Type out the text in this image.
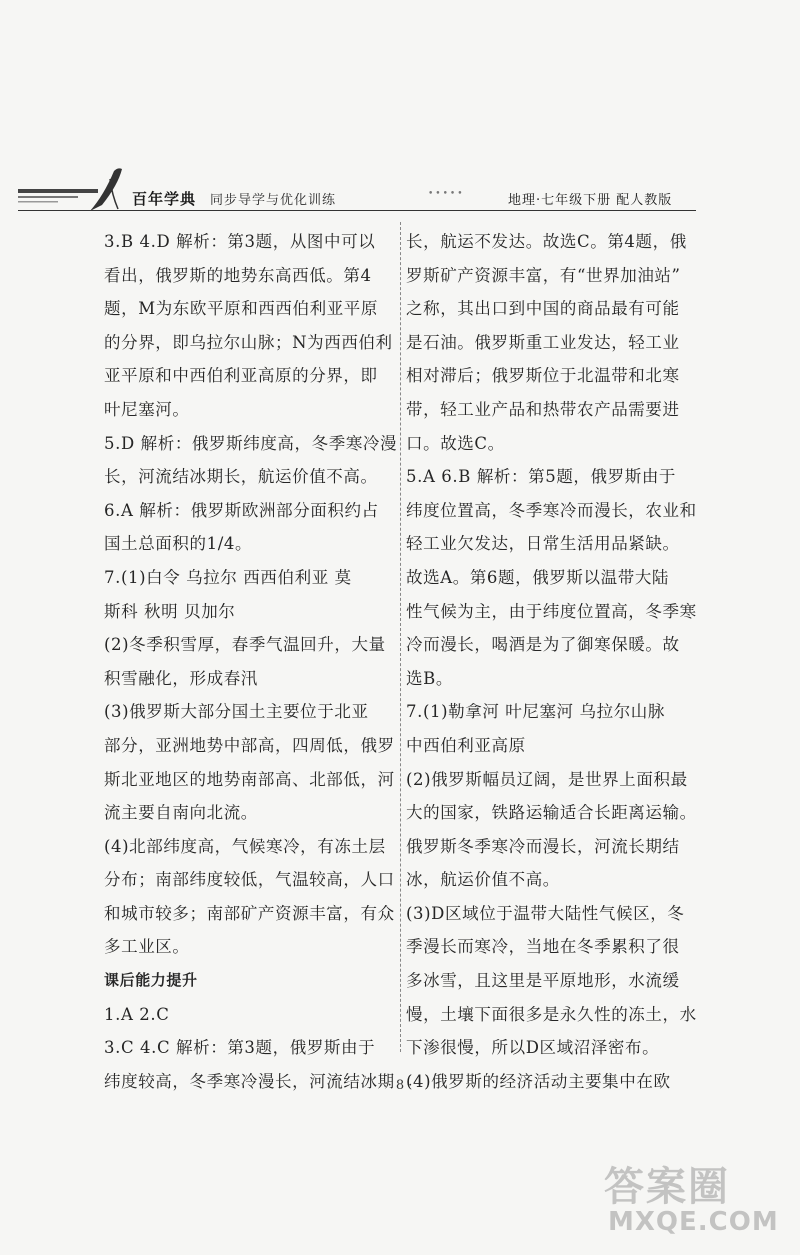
百年学典 同步导学与优化训练	•••••	地理·七年级下册 配人教版
3.B 4.D 解析：第3题，从图中可以
看出，俄罗斯的地势东高西低。第4
题，M为东欧平原和西西伯利亚平原
的分界，即乌拉尔山脉；N为西西伯利
亚平原和中西伯利亚高原的分界，即
叶尼塞河。
5.D 解析：俄罗斯纬度高，冬季寒冷漫
长，河流结冰期长，航运价值不高。
6.A 解析：俄罗斯欧洲部分面积约占
国土总面积的1/4。
7.(1)白令 乌拉尔 西西伯利亚 莫
斯科 秋明 贝加尔
(2)冬季积雪厚，春季气温回升，大量
积雪融化，形成春汛
(3)俄罗斯大部分国土主要位于北亚
部分，亚洲地势中部高，四周低，俄罗
斯北亚地区的地势南部高、北部低，河
流主要自南向北流。
(4)北部纬度高，气候寒冷，有冻土层
分布；南部纬度较低，气温较高，人口
和城市较多；南部矿产资源丰富，有众
多工业区。
课后能力提升
1.A 2.C
3.C 4.C 解析：第3题，俄罗斯由于
纬度较高，冬季寒冷漫长，河流结冰期
长，航运不发达。故选C。第4题，俄
罗斯矿产资源丰富，有“世界加油站”
之称，其出口到中国的商品最有可能
是石油。俄罗斯重工业发达，轻工业
相对滞后；俄罗斯位于北温带和北寒
带，轻工业产品和热带农产品需要进
口。故选C。
5.A 6.B 解析：第5题，俄罗斯由于
纬度位置高，冬季寒冷而漫长，农业和
轻工业欠发达，日常生活用品紧缺。
故选A。第6题，俄罗斯以温带大陆
性气候为主，由于纬度位置高，冬季寒
冷而漫长，喝酒是为了御寒保暖。故
选B。
7.(1)勒拿河 叶尼塞河 乌拉尔山脉
中西伯利亚高原
(2)俄罗斯幅员辽阔，是世界上面积最
大的国家，铁路运输适合长距离运输。
俄罗斯冬季寒冷而漫长，河流长期结
冰，航运价值不高。
(3)D区域位于温带大陆性气候区，冬
季漫长而寒冷，当地在冬季累积了很
多冰雪，且这里是平原地形，水流缓
慢，土壤下面很多是永久性的冻土，水
下渗很慢，所以D区域沼泽密布。
(4)俄罗斯的经济活动主要集中在欧
· 8 ·
答案圈
MXQE.COM
